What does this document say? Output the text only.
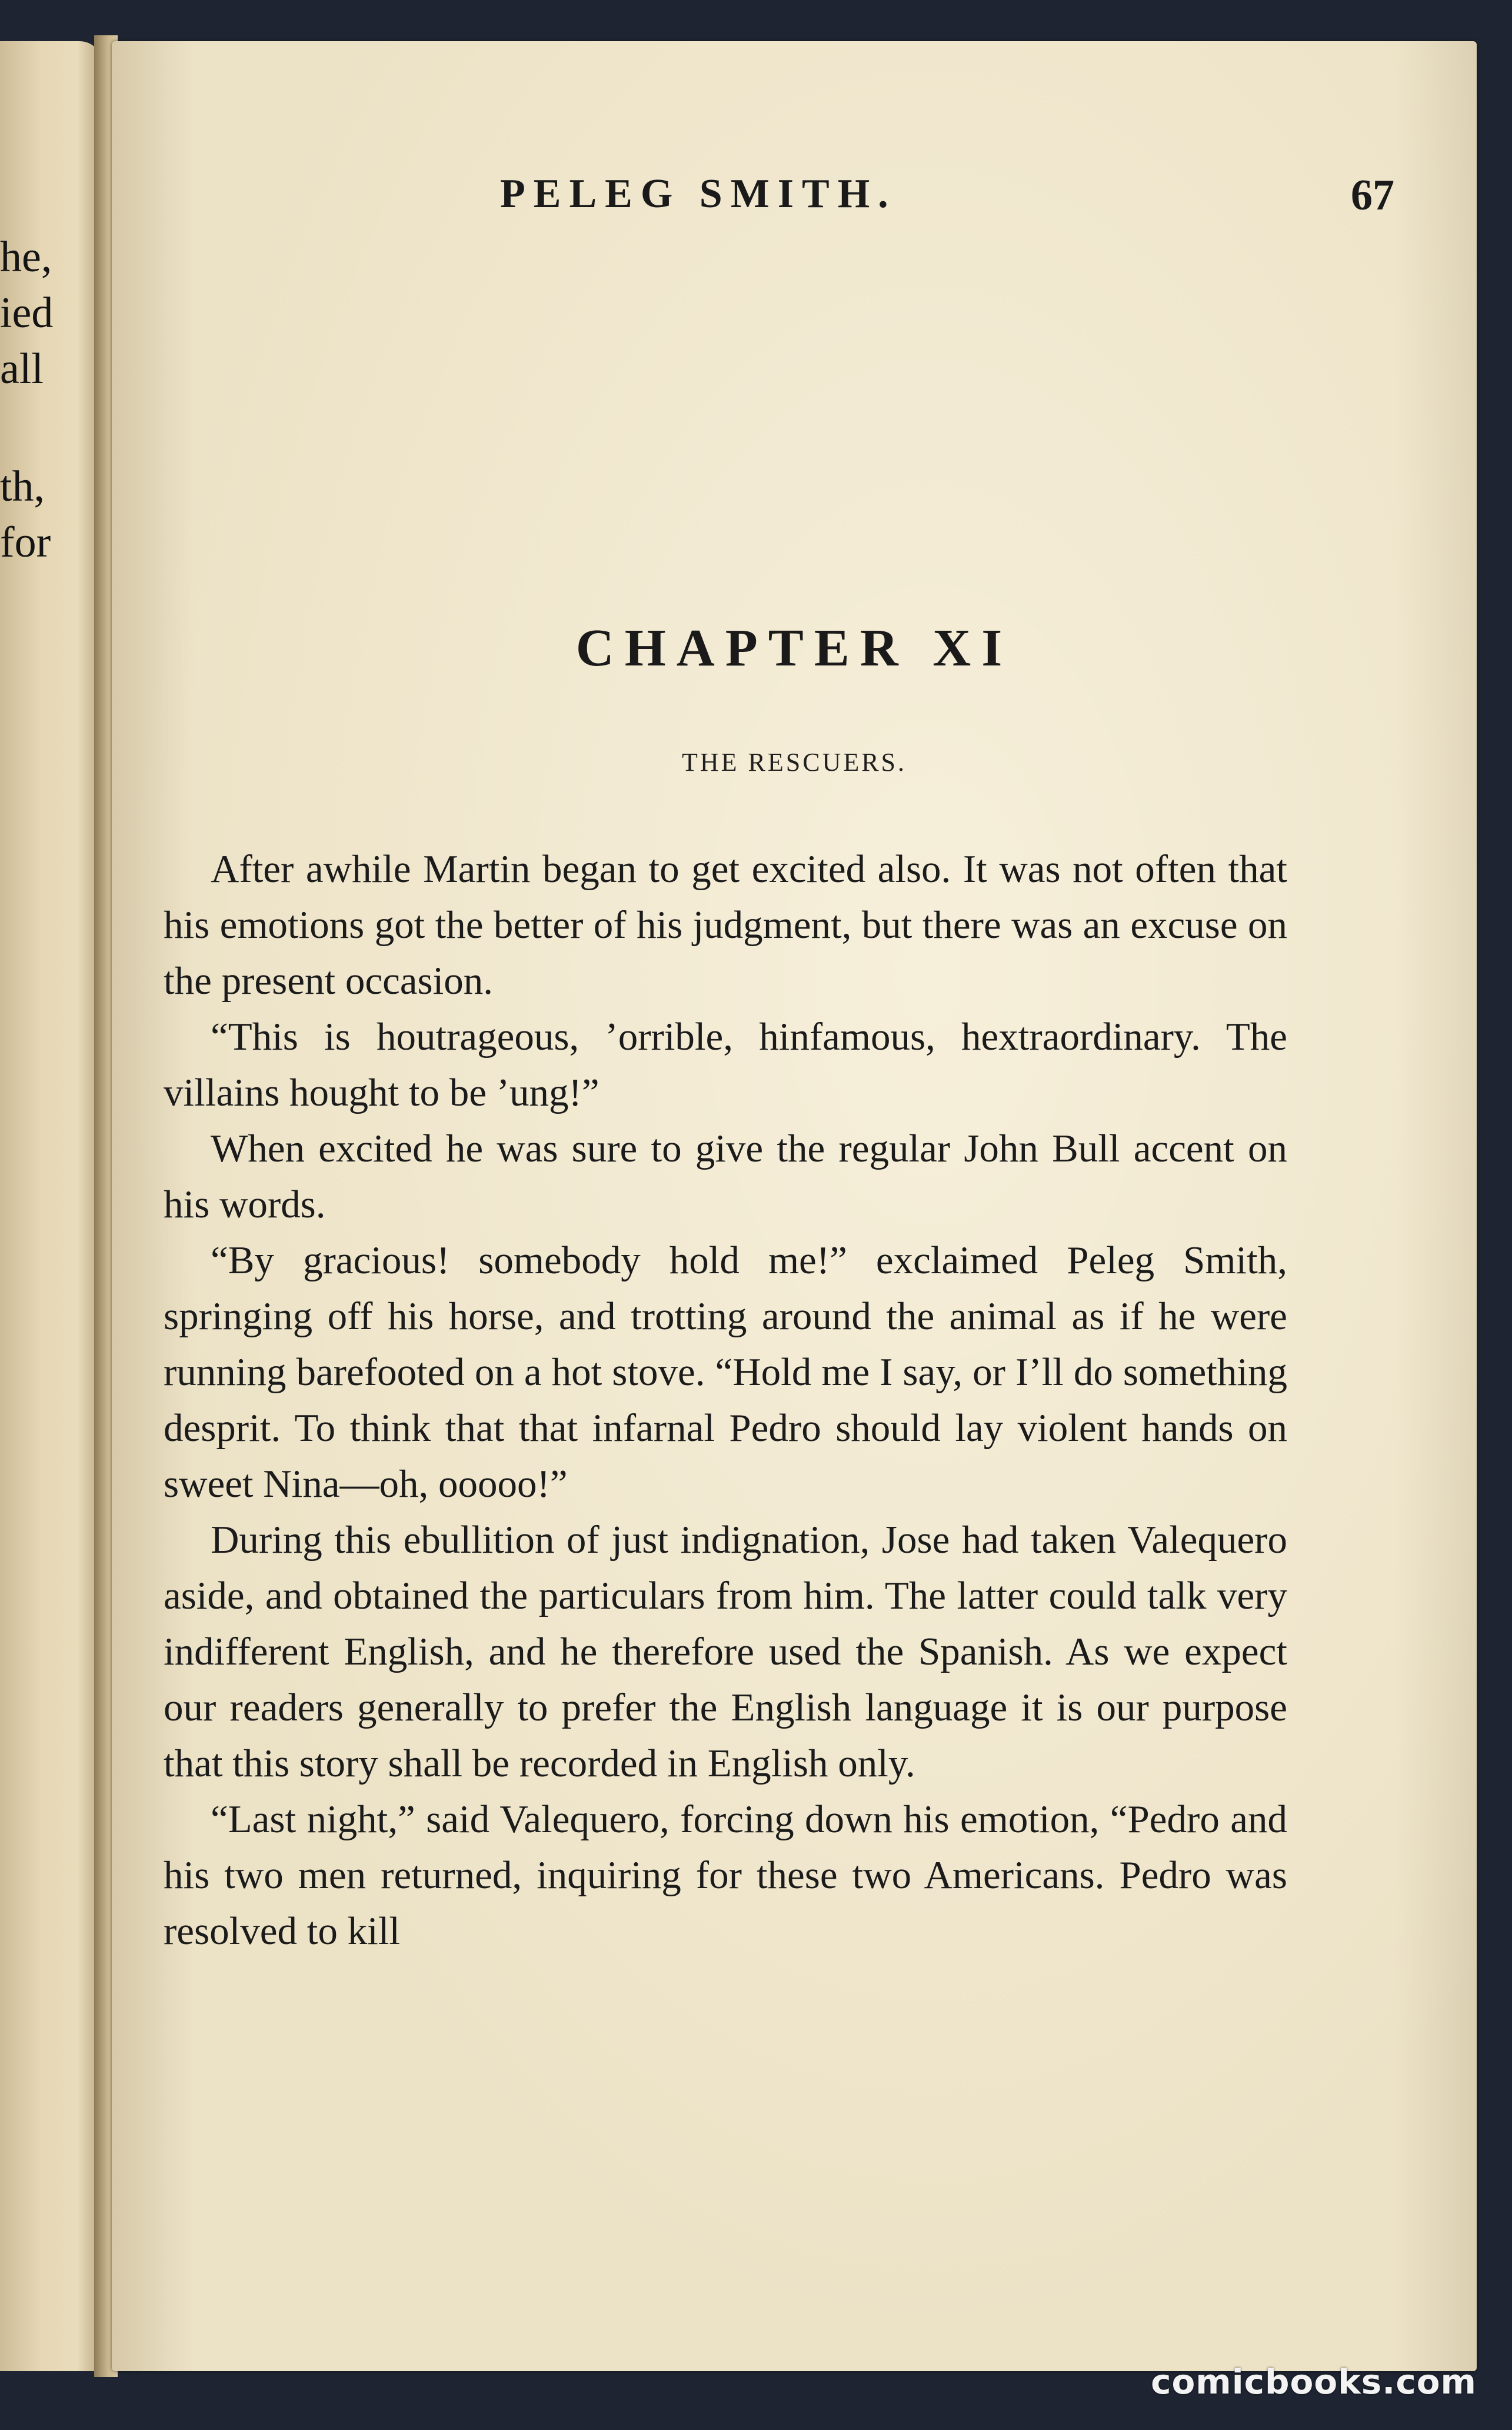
he,
ied
all
th,
for
PELEG SMITH.	67
CHAPTER XI
THE RESCUERS.

After awhile Martin began to get excited also. It was not often that his emotions got the better of his judgment, but there was an excuse on the present occasion.

“This is houtrageous, ’orrible, hinfamous, hextraordinary. The villains hought to be ’ung!”

When excited he was sure to give the regular John Bull accent on his words.

“By gracious! somebody hold me!” exclaimed Peleg Smith, springing off his horse, and trotting around the animal as if he were running barefooted on a hot stove. “Hold me I say, or I’ll do something desprit. To think that that infarnal Pedro should lay violent hands on sweet Nina—oh, ooooo!”

During this ebullition of just indignation, Jose had taken Valequero aside, and obtained the particulars from him. The latter could talk very indifferent English, and he therefore used the Spanish. As we expect our readers generally to prefer the English language it is our purpose that this story shall be recorded in English only.

“Last night,” said Valequero, forcing down his emotion, “Pedro and his two men returned, inquiring for these two Americans. Pedro was resolved to kill

comicbooks.com
